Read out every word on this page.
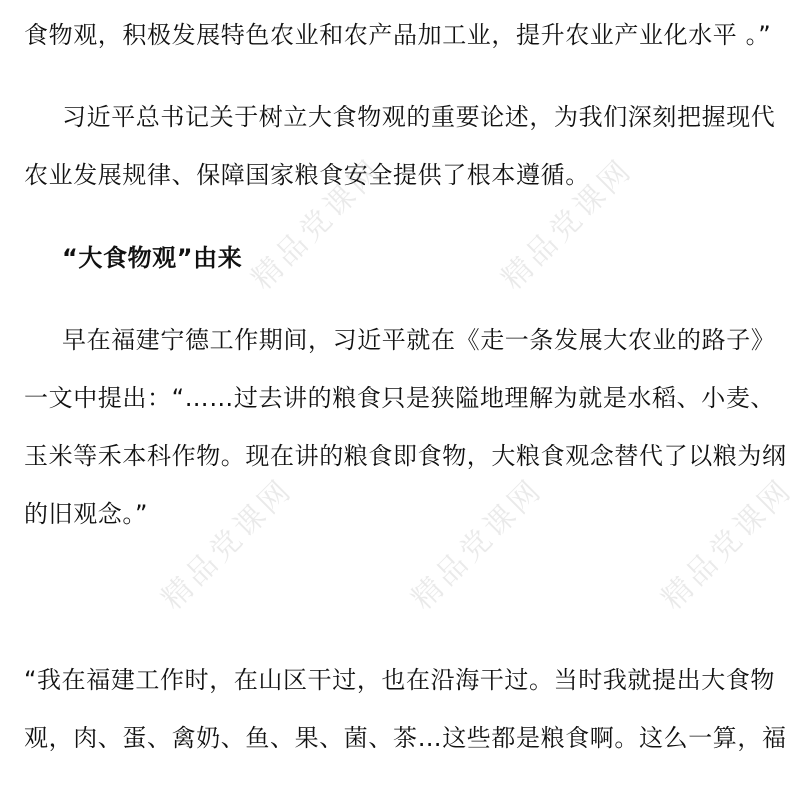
食物观，积极发展特色农业和农产品加工业，提升农业产业化水平 。”
习近平总书记关于树立大食物观的重要论述，为我们深刻把握现代
农业发展规律、保障国家粮食安全提供了根本遵循。
“大食物观”由来
早在福建宁德工作期间，习近平就在《走一条发展大农业的路子》
一文中提出：“……过去讲的粮食只是狭隘地理解为就是水稻、小麦、
玉米等禾本科作物。现在讲的粮食即食物，大粮食观念替代了以粮为纲
的旧观念。”
“我在福建工作时，在山区干过，也在沿海干过。当时我就提出大食物
观，肉、蛋、禽奶、鱼、果、菌、茶…这些都是粮食啊。这么一算，福
精品党课网	精品党课网
精品党课网	精品党课网	精品党课网
